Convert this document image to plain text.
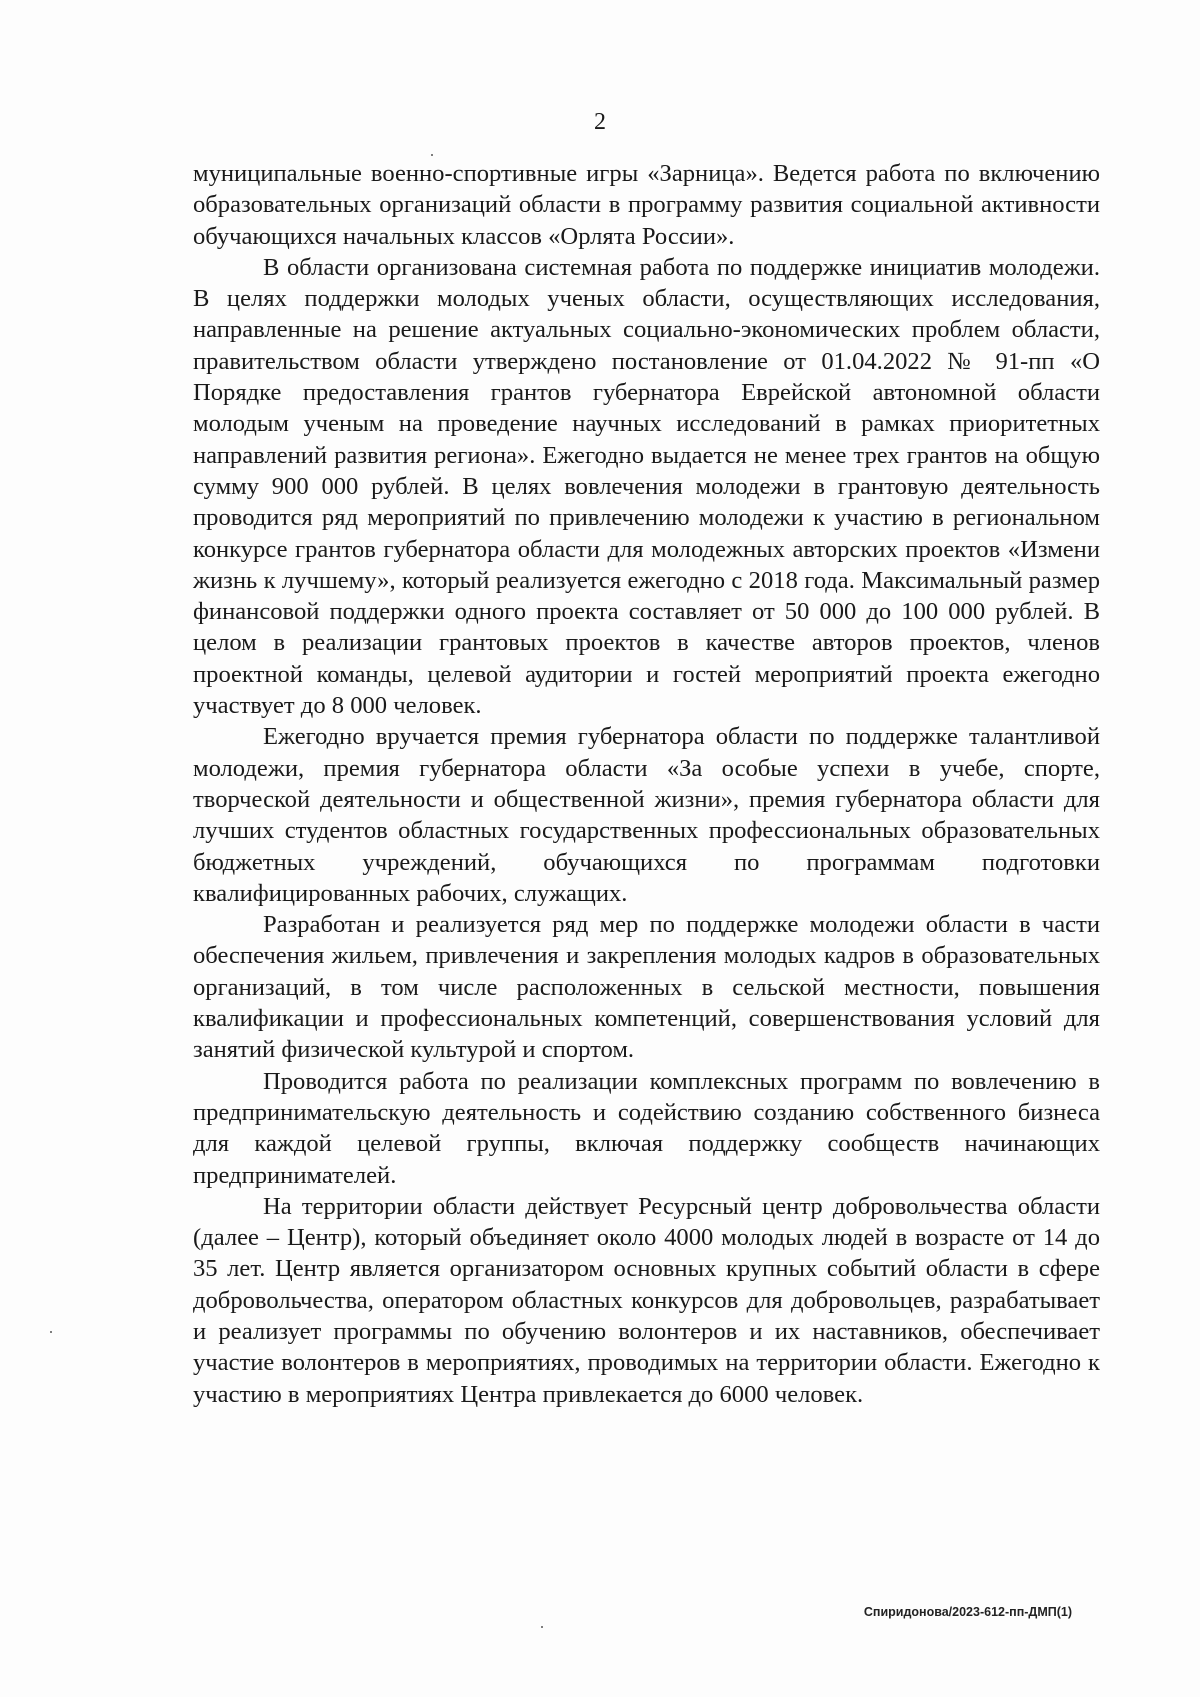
2

муниципальные военно-спортивные игры «Зарница». Ведется работа по включению образовательных организаций области в программу развития социальной активности обучающихся начальных классов «Орлята России».

В области организована системная работа по поддержке инициатив молодежи. В целях поддержки молодых ученых области, осуществляющих исследования, направленные на решение актуальных социально-экономических проблем области, правительством области утверждено постановление от 01.04.2022 № 91-пп «О Порядке предоставления грантов губернатора Еврейской автономной области молодым ученым на проведение научных исследований в рамках приоритетных направлений развития региона». Ежегодно выдается не менее трех грантов на общую сумму 900 000 рублей. В целях вовлечения молодежи в грантовую деятельность проводится ряд мероприятий по привлечению молодежи к участию в региональном конкурсе грантов губернатора области для молодежных авторских проектов «Измени жизнь к лучшему», который реализуется ежегодно с 2018 года. Максимальный размер финансовой поддержки одного проекта составляет от 50 000 до 100 000 рублей. В целом в реализации грантовых проектов в качестве авторов проектов, членов проектной команды, целевой аудитории и гостей мероприятий проекта ежегодно участвует до 8 000 человек.

Ежегодно вручается премия губернатора области по поддержке талантливой молодежи, премия губернатора области «За особые успехи в учебе, спорте, творческой деятельности и общественной жизни», премия губернатора области для лучших студентов областных государственных профессиональных образовательных бюджетных учреждений, обучающихся по программам подготовки квалифицированных рабочих, служащих.

Разработан и реализуется ряд мер по поддержке молодежи области в части обеспечения жильем, привлечения и закрепления молодых кадров в образовательных организаций, в том числе расположенных в сельской местности, повышения квалификации и профессиональных компетенций, совершенствования условий для занятий физической культурой и спортом.

Проводится работа по реализации комплексных программ по вовлечению в предпринимательскую деятельность и содействию созданию собственного бизнеса для каждой целевой группы, включая поддержку сообществ начинающих предпринимателей.

На территории области действует Ресурсный центр добровольчества области (далее – Центр), который объединяет около 4000 молодых людей в возрасте от 14 до 35 лет. Центр является организатором основных крупных событий области в сфере добровольчества, оператором областных конкурсов для добровольцев, разрабатывает и реализует программы по обучению волонтеров и их наставников, обеспечивает участие волонтеров в мероприятиях, проводимых на территории области. Ежегодно к участию в мероприятиях Центра привлекается до 6000 человек.

Спиридонова/2023-612-пп-ДМП(1)
